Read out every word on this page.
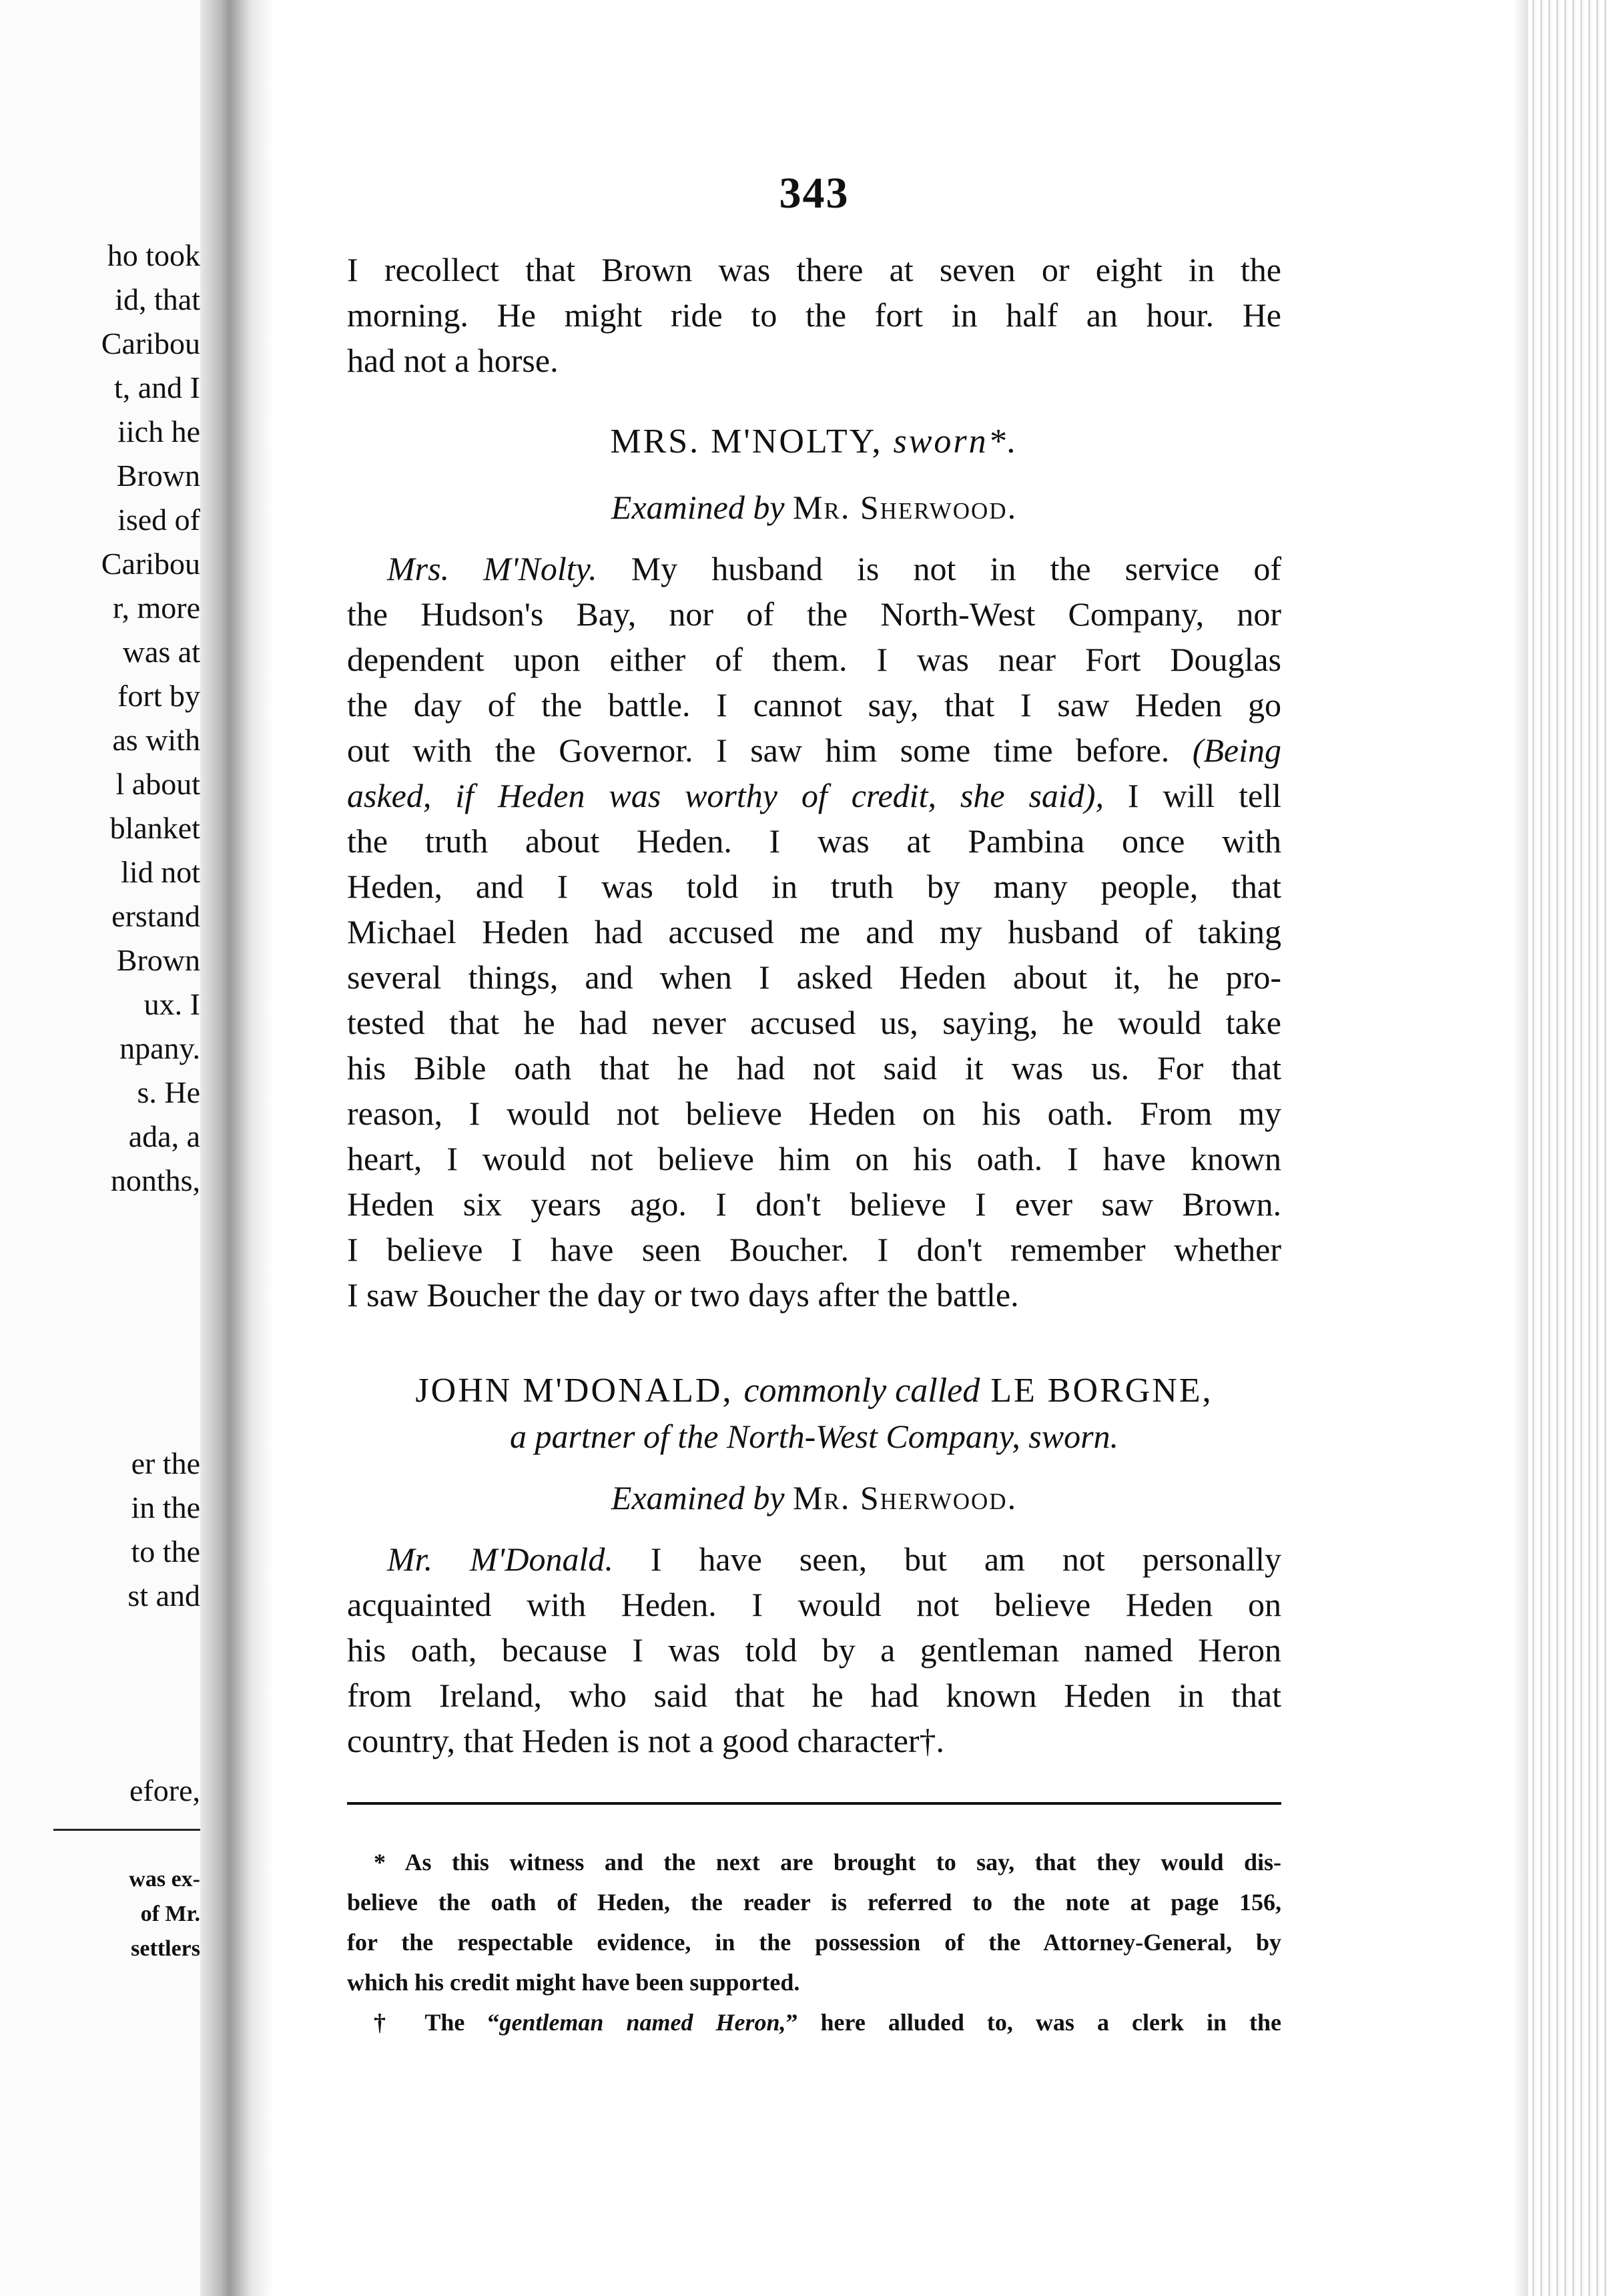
ho took
id, that
Caribou
t, and I
iich he
Brown
ised of
Caribou
r, more
was at
fort by
as with
l about
blanket
lid not
erstand
Brown
ux. I
npany.
s. He
ada, a
nonths,
er the
in the
to the
st and
efore,
was ex-
of Mr.
settlers
343
I recollect that Brown was there at seven or eight in the
morning. He might ride to the fort in half an hour. He
had not a horse.
MRS. M'NOLTY, sworn*.
Examined by Mr. Sherwood.
Mrs. M'Nolty. My husband is not in the service of
the Hudson's Bay, nor of the North-West Company, nor
dependent upon either of them. I was near Fort Douglas
the day of the battle. I cannot say, that I saw Heden go
out with the Governor. I saw him some time before. (Being
asked, if Heden was worthy of credit, she said), I will tell
the truth about Heden. I was at Pambina once with
Heden, and I was told in truth by many people, that
Michael Heden had accused me and my husband of taking
several things, and when I asked Heden about it, he pro-
tested that he had never accused us, saying, he would take
his Bible oath that he had not said it was us. For that
reason, I would not believe Heden on his oath. From my
heart, I would not believe him on his oath. I have known
Heden six years ago. I don't believe I ever saw Brown.
I believe I have seen Boucher. I don't remember whether
I saw Boucher the day or two days after the battle.
JOHN M'DONALD, commonly called LE BORGNE,
a partner of the North-West Company, sworn.
Examined by Mr. Sherwood.
Mr. M'Donald. I have seen, but am not personally
acquainted with Heden. I would not believe Heden on
his oath, because I was told by a gentleman named Heron
from Ireland, who said that he had known Heden in that
country, that Heden is not a good character†.
* As this witness and the next are brought to say, that they would dis-
believe the oath of Heden, the reader is referred to the note at page 156,
for the respectable evidence, in the possession of the Attorney-General, by
which his credit might have been supported.
† The “gentleman named Heron,” here alluded to, was a clerk in the
